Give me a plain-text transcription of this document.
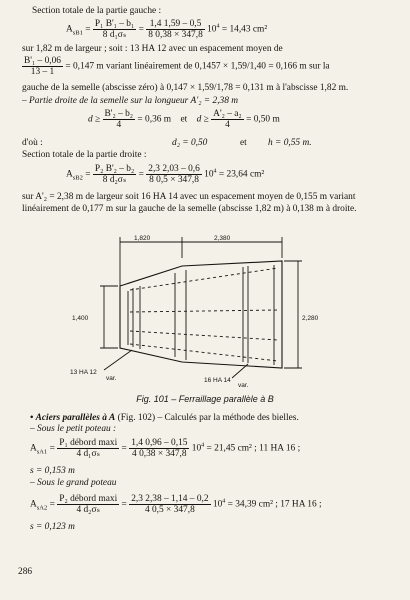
Section totale de la partie gauche :
$A_{sB1} = \frac{\text{P₁ B'₁ – b₁}}{\text{8 d₁σₛ}} = \frac{1,4 1,59 - 0,5}{8 0,38 \times 347,8} 10^4 = 14,43$ cm²
sur 1,82 m de largeur ; soit : 13 HA 12 avec un espacement moyen de
$\frac{\text{B'₁ – 0,06}}{13 - 1} = 0,147$ m variant linéairement de 0,1457 × 1,59/1,40 = 0,166 m sur la
gauche de la semelle (abscisse zéro) à 0,147 × 1,59/1,78 = 0,131 m à l'abscisse 1,82 m.
– Partie droite de la semelle sur la longueur A'₂ = 2,38 m
$d \ge \frac{\text{B'₂ – b₂}}{4} = 0,36$ m et $d \ge \frac{\text{A'₂ – a₂}}{4} = 0,50$ m
d'où :	d₂ = 0,50	et h = 0,55 m.
Section totale de la partie droite :
$A_{sB2} = \frac{\text{P₂ B'₂ – b₂}}{\text{8 d₂σₛ}} = \frac{2,3 2,03 - 0,6}{8 0,5 \times 347,8} 10^4 = 23,64$ cm²
sur A'₂ = 2,38 m de largeur soit 16 HA 14 avec un espacement moyen de 0,155 m variant
linéairement de 0,177 m sur la gauche de la semelle (abscisse 1,82 m) à 0,138 m à droite.
1,820	2,380
1,400	2,280
13 HA 12
var.	16 HA 14
var.
Fig. 101 – Ferraillage parallèle à B
• Aciers parallèles à A (Fig. 102) – Calculés par la méthode des bielles.
– Sous le petit poteau :
$A_{sA1} = \frac{\text{P₁ débord maxi}}{\text{4 d₁σₛ}} = \frac{1,4 0,96 - 0,15}{4 0,38 \times 347,8} 10^4 = 21,45$ cm² ; 11 HA 16 ;
s = 0,153 m
– Sous le grand poteau
$A_{sA2} = \frac{\text{P₂ débord maxi}}{\text{4 d₂σₛ}} = \frac{2,3 2,38 - 1,14 - 0,2}{4 0,5 \times 347,8} 10^4 = 34,39$ cm² ; 17 HA 16 ;
s = 0,123 m
286
